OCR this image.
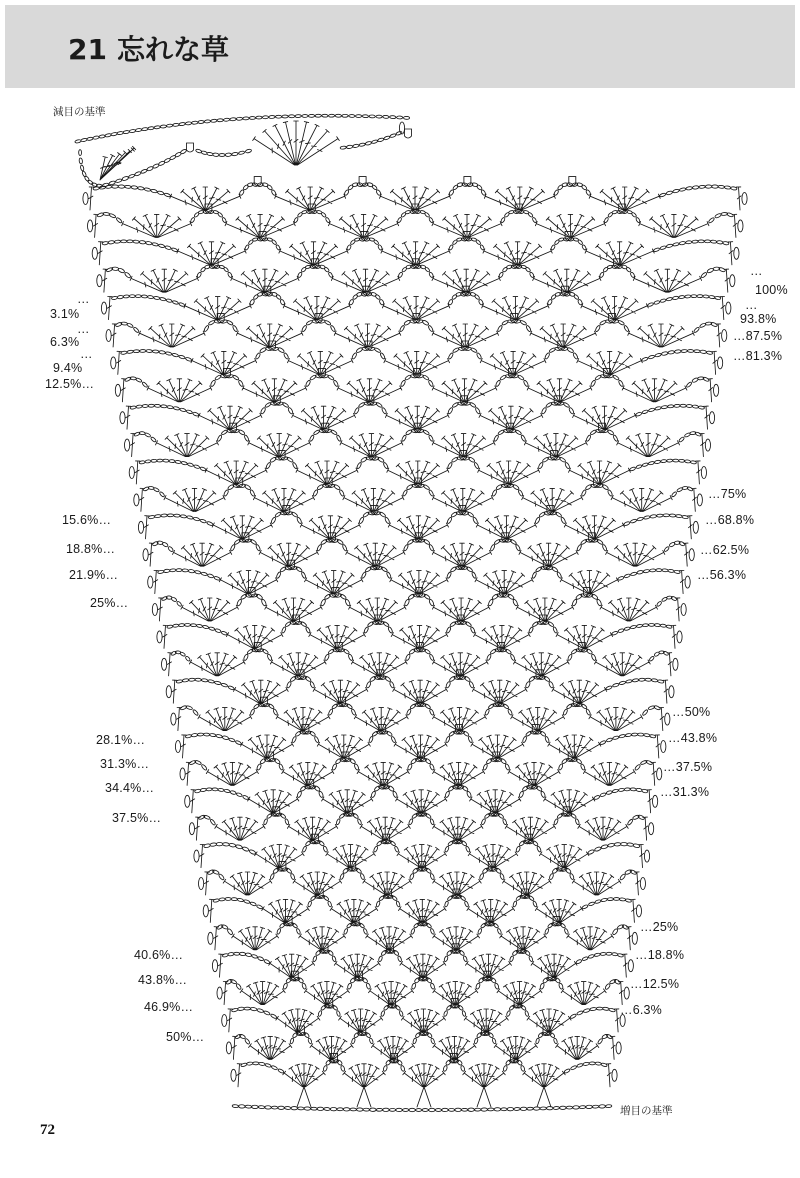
21 忘れな草
減目の基準
増目の基準
…
3.1%
…
6.3%
…
9.4%
12.5%…
15.6%…
18.8%…
21.9%…
25%…
28.1%…
31.3%…
34.4%…
37.5%…
40.6%…
43.8%…
46.9%…
50%…
…
100%
…
93.8%
…87.5%
…81.3%
…75%
…68.8%
…62.5%
…56.3%
…50%
…43.8%
…37.5%
…31.3%
…25%
…18.8%
…12.5%
…6.3%
72
